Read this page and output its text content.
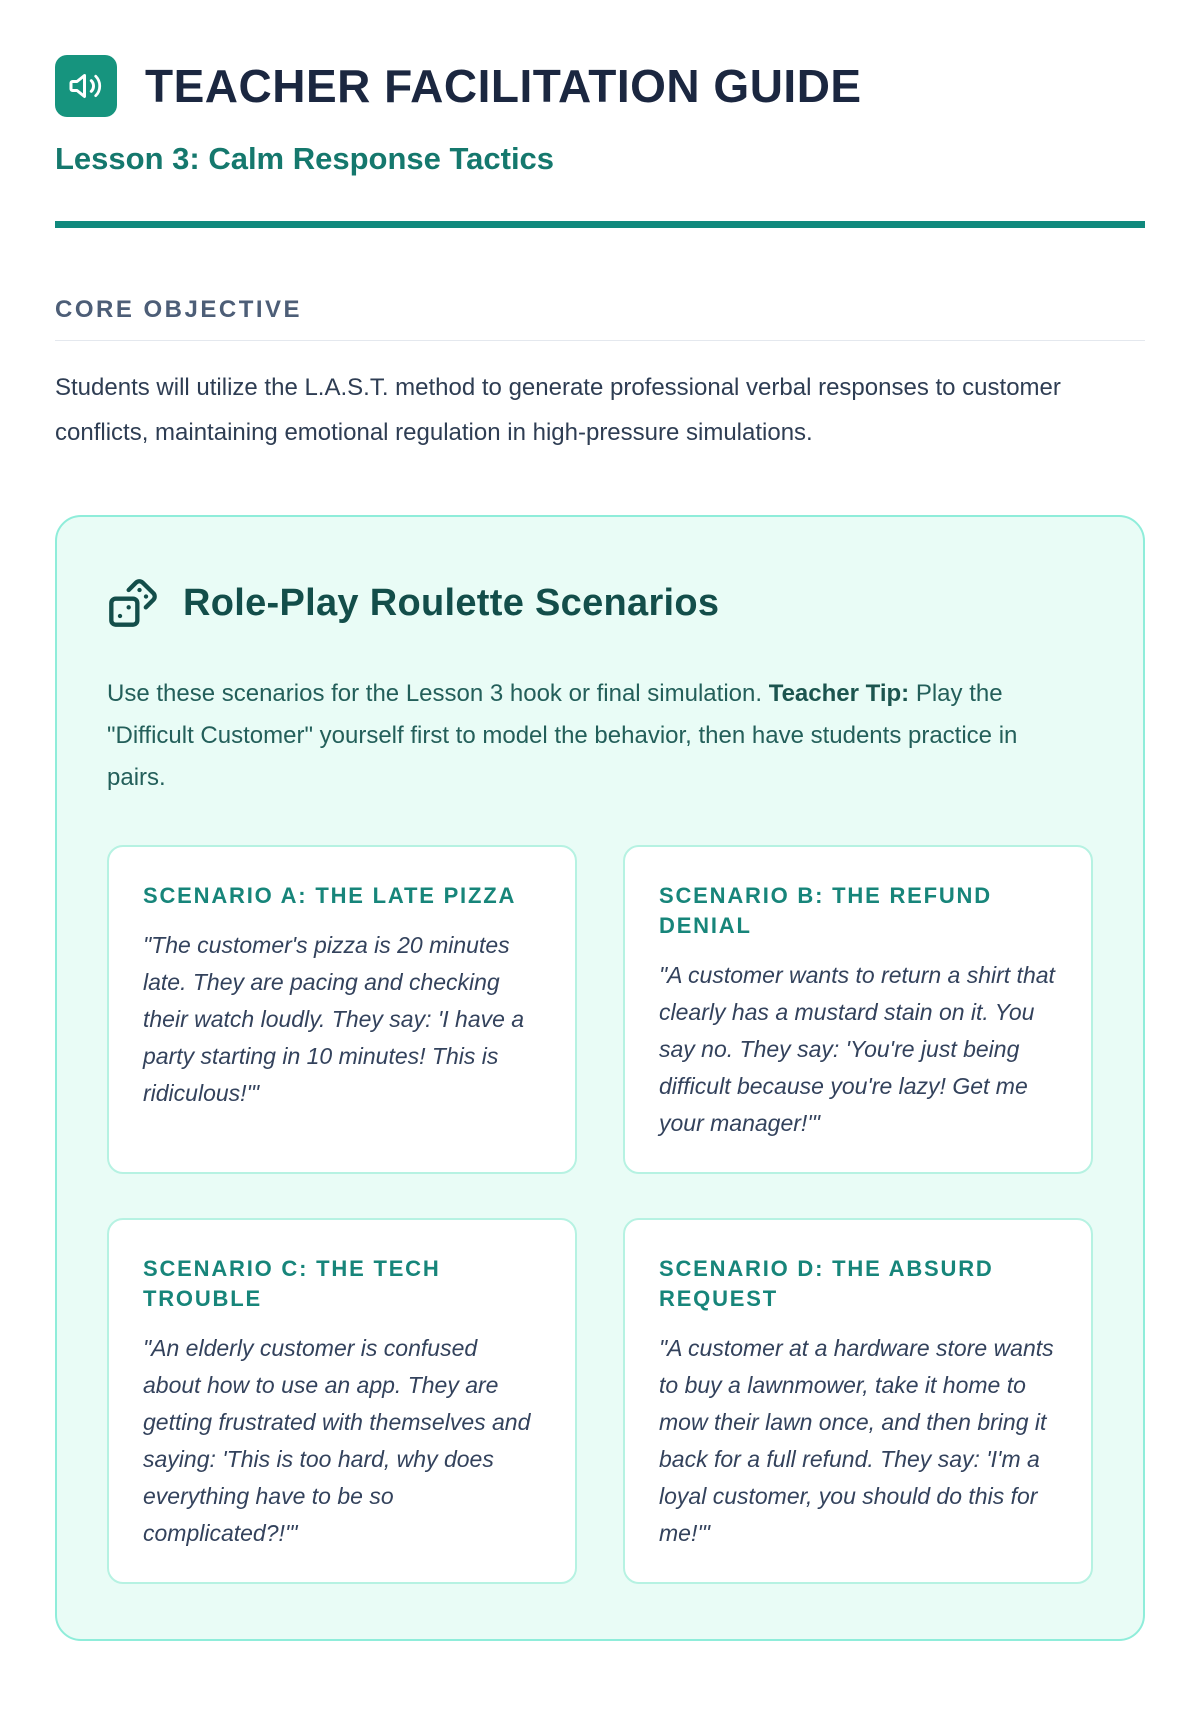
TEACHER FACILITATION GUIDE
Lesson 3: Calm Response Tactics
CORE OBJECTIVE

Students will utilize the L.A.S.T. method to generate professional verbal responses to customer conflicts, maintaining emotional regulation in high-pressure simulations.

Role-Play Roulette Scenarios

Use these scenarios for the Lesson 3 hook or final simulation. Teacher Tip: Play the "Difficult Customer" yourself first to model the behavior, then have students practice in pairs.

SCENARIO A: THE LATE PIZZA

"The customer's pizza is 20 minutes late. They are pacing and checking their watch loudly. They say: 'I have a party starting in 10 minutes! This is ridiculous!'"

SCENARIO B: THE REFUND DENIAL

"A customer wants to return a shirt that clearly has a mustard stain on it. You say no. They say: 'You're just being difficult because you're lazy! Get me your manager!'"

SCENARIO C: THE TECH TROUBLE

"An elderly customer is confused about how to use an app. They are getting frustrated with themselves and saying: 'This is too hard, why does everything have to be so complicated?!'"

SCENARIO D: THE ABSURD REQUEST

"A customer at a hardware store wants to buy a lawnmower, take it home to mow their lawn once, and then bring it back for a full refund. They say: 'I'm a loyal customer, you should do this for me!'"
